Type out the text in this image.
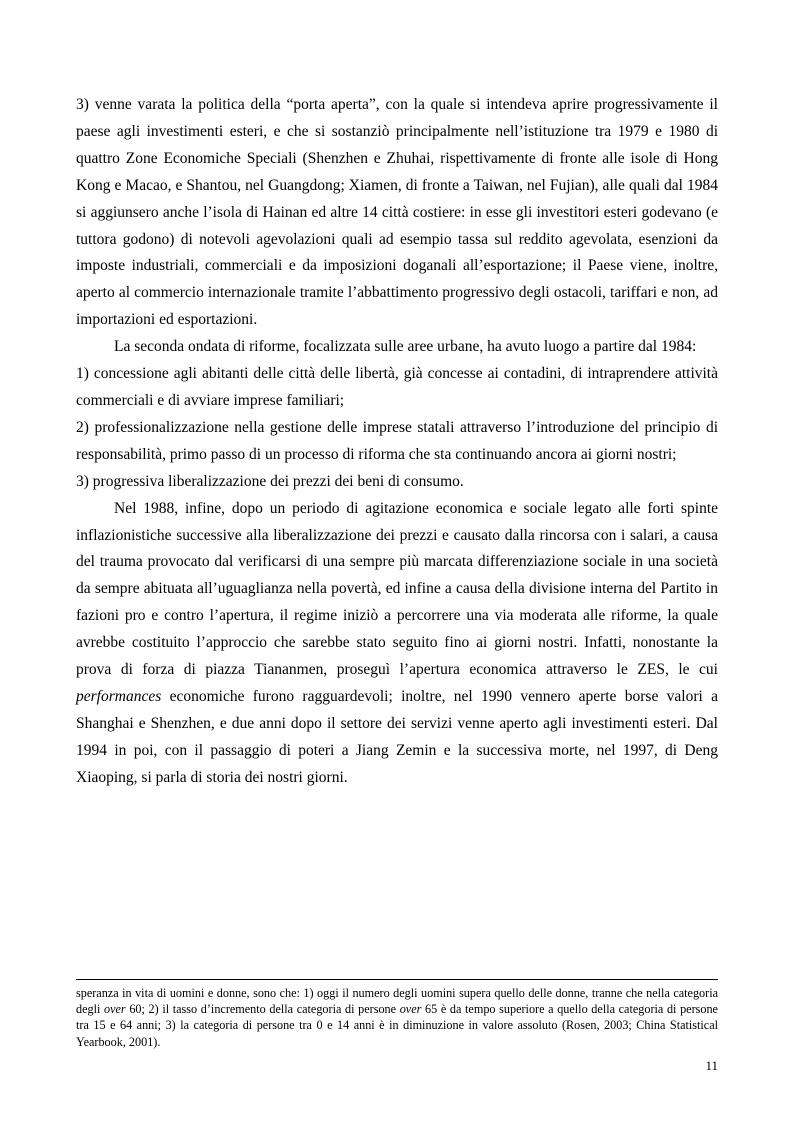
3) venne varata la politica della “porta aperta”, con la quale si intendeva aprire progressivamente il paese agli investimenti esteri, e che si sostanziò principalmente nell’istituzione tra 1979 e 1980 di quattro Zone Economiche Speciali (Shenzhen e Zhuhai, rispettivamente di fronte alle isole di Hong Kong e Macao, e Shantou, nel Guangdong; Xiamen, di fronte a Taiwan, nel Fujian), alle quali dal 1984 si aggiunsero anche l’isola di Hainan ed altre 14 città costiere: in esse gli investitori esteri godevano (e tuttora godono) di notevoli agevolazioni quali ad esempio tassa sul reddito agevolata, esenzioni da imposte industriali, commerciali e da imposizioni doganali all’esportazione; il Paese viene, inoltre, aperto al commercio internazionale tramite l’abbattimento progressivo degli ostacoli, tariffari e non, ad importazioni ed esportazioni.

La seconda ondata di riforme, focalizzata sulle aree urbane, ha avuto luogo a partire dal 1984:

1) concessione agli abitanti delle città delle libertà, già concesse ai contadini, di intraprendere attività commerciali e di avviare imprese familiari;

2) professionalizzazione nella gestione delle imprese statali attraverso l’introduzione del principio di responsabilità, primo passo di un processo di riforma che sta continuando ancora ai giorni nostri;

3) progressiva liberalizzazione dei prezzi dei beni di consumo.

Nel 1988, infine, dopo un periodo di agitazione economica e sociale legato alle forti spinte inflazionistiche successive alla liberalizzazione dei prezzi e causato dalla rincorsa con i salari, a causa del trauma provocato dal verificarsi di una sempre più marcata differenziazione sociale in una società da sempre abituata all’uguaglianza nella povertà, ed infine a causa della divisione interna del Partito in fazioni pro e contro l’apertura, il regime iniziò a percorrere una via moderata alle riforme, la quale avrebbe costituito l’approccio che sarebbe stato seguito fino ai giorni nostri. Infatti, nonostante la prova di forza di piazza Tiananmen, proseguì l’apertura economica attraverso le ZES, le cui performances economiche furono ragguardevoli; inoltre, nel 1990 vennero aperte borse valori a Shanghai e Shenzhen, e due anni dopo il settore dei servizi venne aperto agli investimenti esteri. Dal 1994 in poi, con il passaggio di poteri a Jiang Zemin e la successiva morte, nel 1997, di Deng Xiaoping, si parla di storia dei nostri giorni.

speranza in vita di uomini e donne, sono che: 1) oggi il numero degli uomini supera quello delle donne, tranne che nella categoria degli over 60; 2) il tasso d’incremento della categoria di persone over 65 è da tempo superiore a quello della categoria di persone tra 15 e 64 anni; 3) la categoria di persone tra 0 e 14 anni è in diminuzione in valore assoluto (Rosen, 2003; China Statistical Yearbook, 2001).

11
